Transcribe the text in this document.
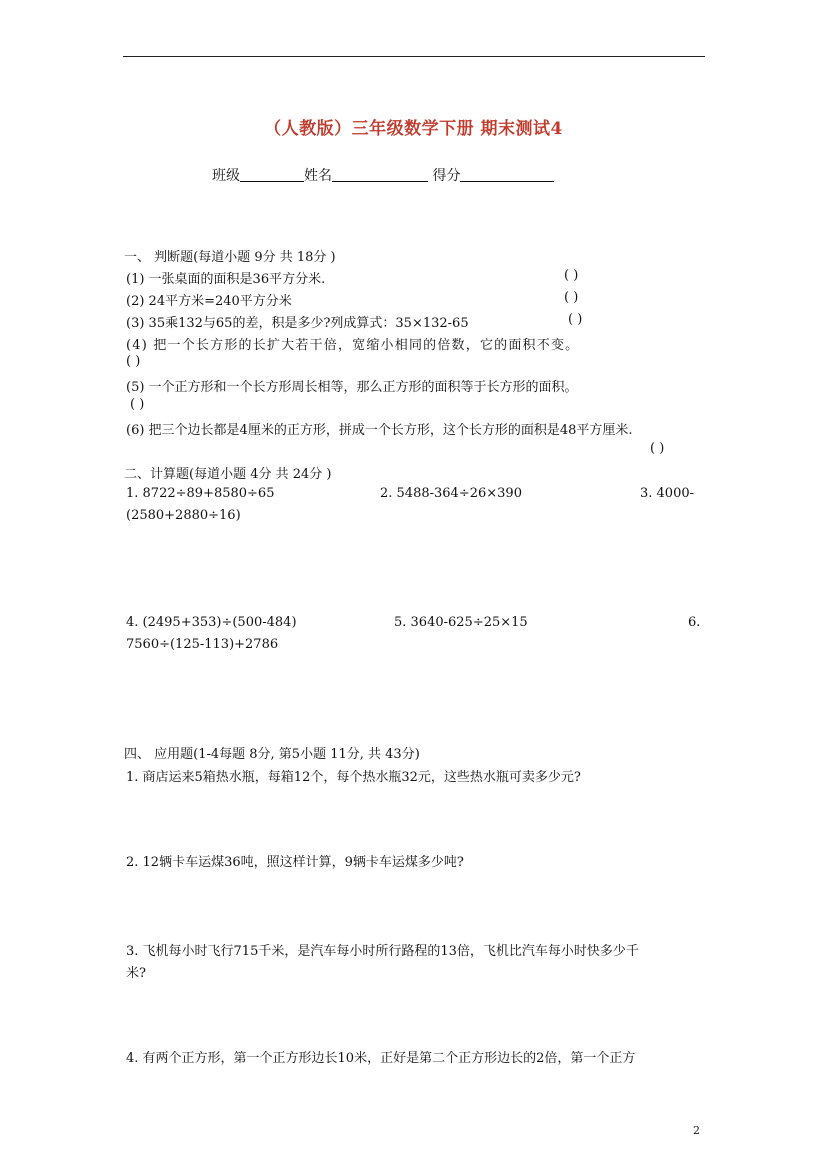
（人教版）三年级数学下册 期末测试4
班级	姓名	得分
一、 判断题(每道小题 9分 共 18分 )
(1) 一张桌面的面积是36平方分米.	( )
(2) 24平方米=240平方分米	( )
(3) 35乘132与65的差，积是多少?列成算式：35×132-65	( )
(4) 把一个长方形的长扩大若干倍，宽缩小相同的倍数，它的面积不变。
( )
(5) 一个正方形和一个长方形周长相等，那么正方形的面积等于长方形的面积。
( )
(6) 把三个边长都是4厘米的正方形，拼成一个长方形，这个长方形的面积是48平方厘米.
( )
二、计算题(每道小题 4分 共 24分 )
1. 8722÷89+8580÷65	2. 5488-364÷26×390	3. 4000-
(2580+2880÷16)
4. (2495+353)÷(500-484)	5. 3640-625÷25×15	6.
7560÷(125-113)+2786
四、 应用题(1-4每题 8分, 第5小题 11分, 共 43分)
1. 商店运来5箱热水瓶，每箱12个，每个热水瓶32元，这些热水瓶可卖多少元?
2. 12辆卡车运煤36吨，照这样计算，9辆卡车运煤多少吨?
3. 飞机每小时飞行715千米，是汽车每小时所行路程的13倍，飞机比汽车每小时快多少千
米?
4. 有两个正方形，第一个正方形边长10米，正好是第二个正方形边长的2倍，第一个正方
2
